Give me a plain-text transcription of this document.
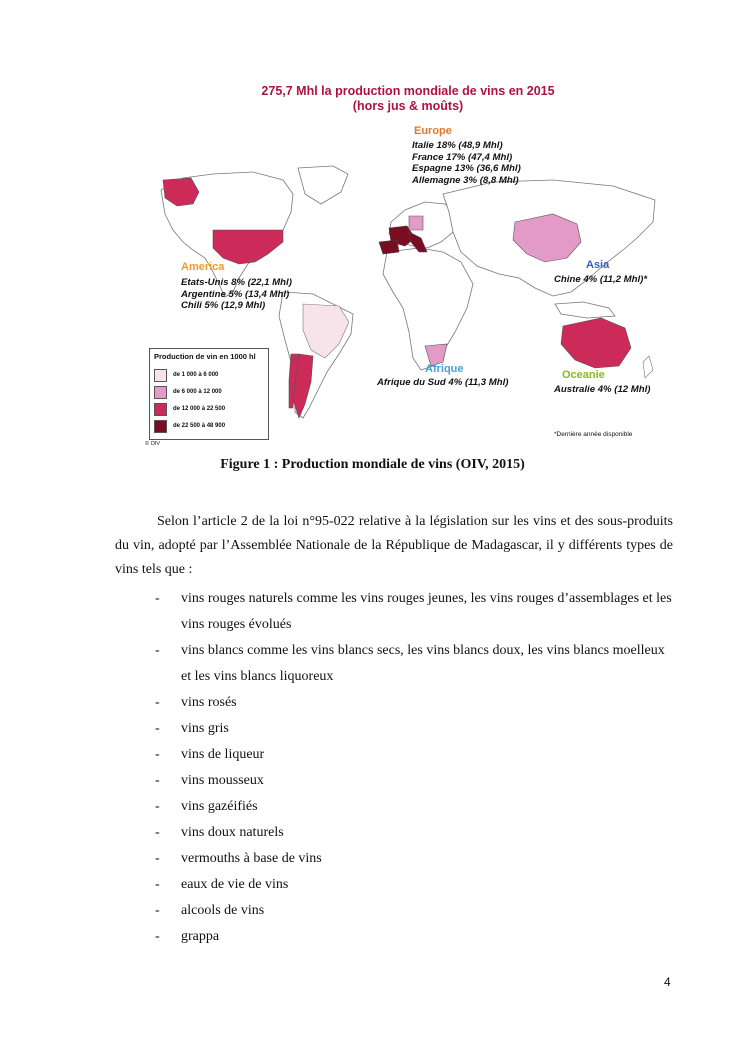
275,7 Mhl la production mondiale de vins en 2015
(hors jus & moûts)
Europe
Italie 18% (48,9 Mhl)
France 17% (47,4 Mhl)
Espagne 13% (36,6 Mhl)
Allemagne 3% (8,8 Mhl)
America
Etats-Unis 8% (22,1 Mhl)
Argentine 5% (13,4 Mhl)
Chili 5% (12,9 Mhl)
Asia
Chine 4% (11,2 Mhl)*
Afrique
Afrique du Sud 4% (11,3 Mhl)
Oceanie
Australie 4% (12 Mhl)
Production de vin en 1000 hl
de 1 000 à 6 000
de 6 000 à 12 000
de 12 000 à 22 500
de 22 500 à 48 900
*Dernière année disponible
© OIV
Figure 1 : Production mondiale de vins (OIV, 2015)
Selon l’article 2 de la loi n°95-022 relative à la législation sur les vins et des sous-produits du vin, adopté par l’Assemblée Nationale de la République de Madagascar, il y différents types de vins tels que :
- vins rouges naturels comme les vins rouges jeunes, les vins rouges d’assemblages et les vins rouges évolués
- vins blancs comme les vins blancs secs, les vins blancs doux, les vins blancs moelleux et les vins blancs liquoreux
- vins rosés
- vins gris
- vins de liqueur
- vins mousseux
- vins gazéifiés
- vins doux naturels
- vermouths à base de vins
- eaux de vie de vins
- alcools de vins
- grappa
4
